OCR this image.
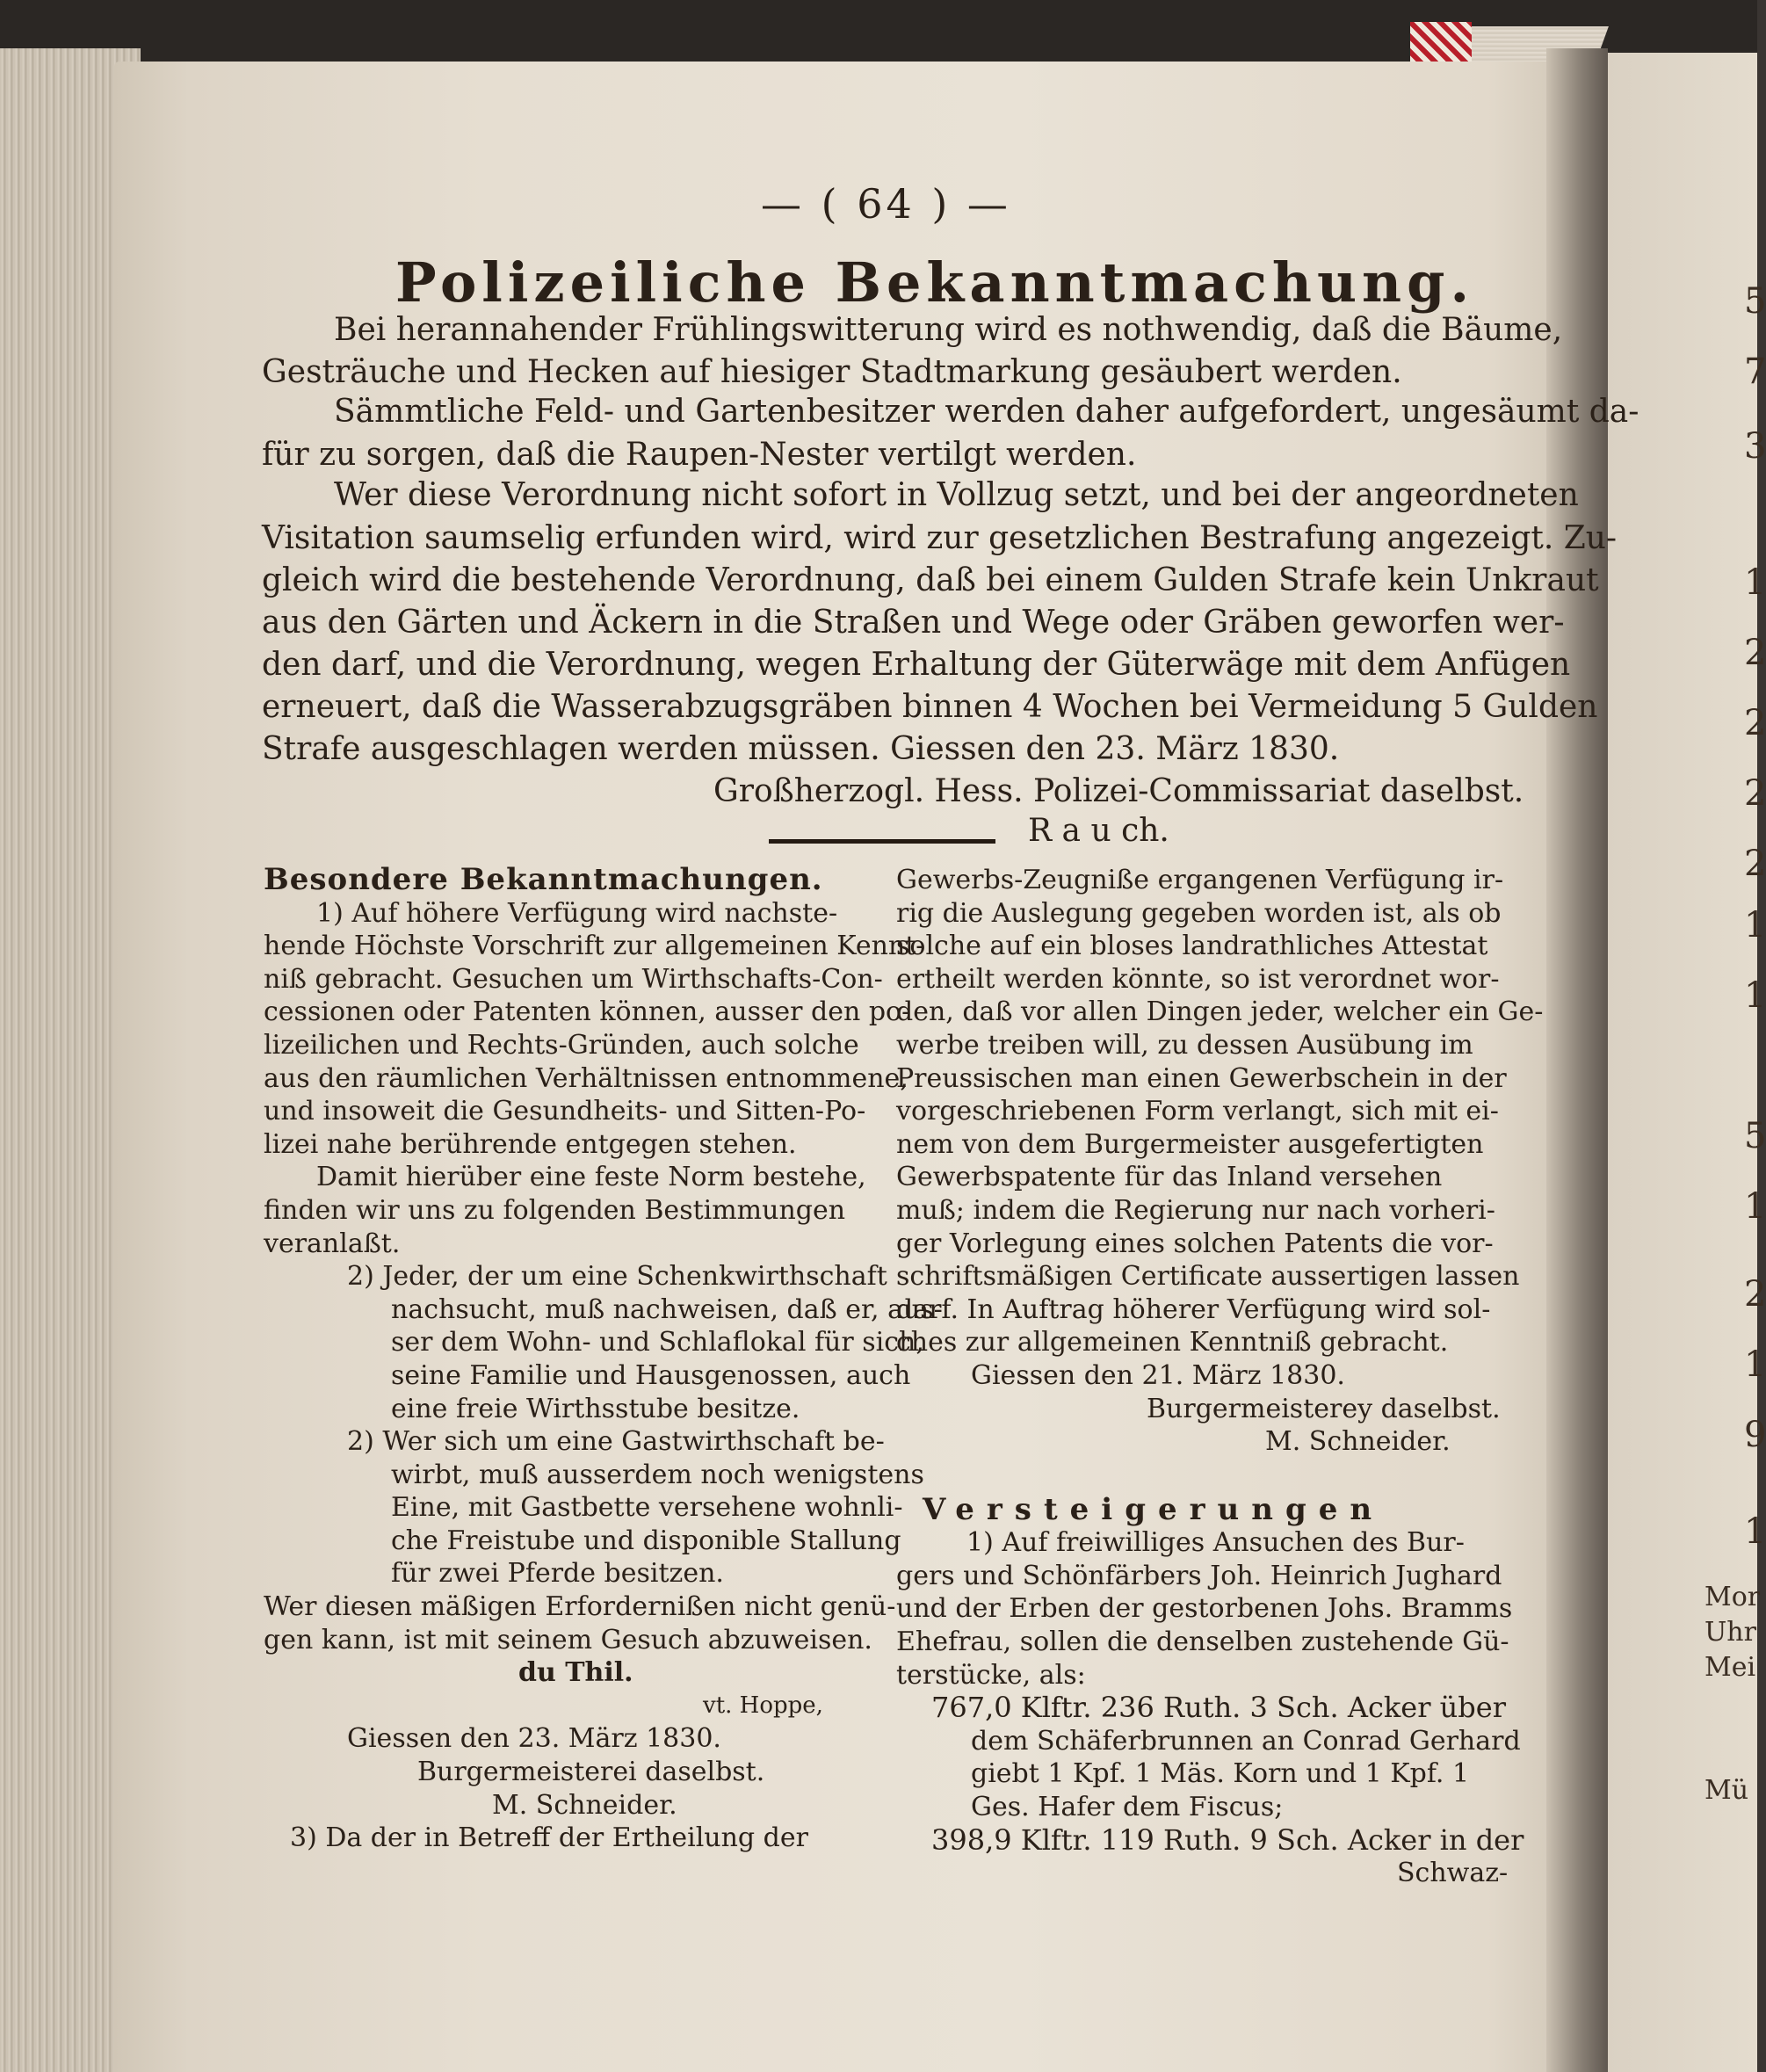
5
7
3
1
2
2
2
2
1
1
5
1
2
1
9
1
Mor
Uhr
Mei
Mü
— ( 64 ) —
Polizeiliche Bekanntmachung.
Bei herannahender Frühlingswitterung wird es nothwendig, daß die Bäume,
Gesträuche und Hecken auf hiesiger Stadtmarkung gesäubert werden.
Sämmtliche Feld- und Gartenbesitzer werden daher aufgefordert, ungesäumt da-
für zu sorgen, daß die Raupen-Nester vertilgt werden.
Wer diese Verordnung nicht sofort in Vollzug setzt, und bei der angeordneten
Visitation saumselig erfunden wird, wird zur gesetzlichen Bestrafung angezeigt. Zu-
gleich wird die bestehende Verordnung, daß bei einem Gulden Strafe kein Unkraut
aus den Gärten und Äckern in die Straßen und Wege oder Gräben geworfen wer-
den darf, und die Verordnung, wegen Erhaltung der Güterwäge mit dem Anfügen
erneuert, daß die Wasserabzugsgräben binnen 4 Wochen bei Vermeidung 5 Gulden
Strafe ausgeschlagen werden müssen. Giessen den 23. März 1830.
Großherzogl. Hess. Polizei-Commissariat daselbst.
R a u ch.
Besondere Bekanntmachungen.
1) Auf höhere Verfügung wird nachste-
hende Höchste Vorschrift zur allgemeinen Kennt-
niß gebracht. Gesuchen um Wirthschafts-Con-
cessionen oder Patenten können, ausser den po-
lizeilichen und Rechts-Gründen, auch solche
aus den räumlichen Verhältnissen entnommene,
und insoweit die Gesundheits- und Sitten-Po-
lizei nahe berührende entgegen stehen.
Damit hierüber eine feste Norm bestehe,
finden wir uns zu folgenden Bestimmungen
veranlaßt.
2) Jeder, der um eine Schenkwirthschaft
nachsucht, muß nachweisen, daß er, aus-
ser dem Wohn- und Schlaflokal für sich,
seine Familie und Hausgenossen, auch
eine freie Wirthsstube besitze.
2) Wer sich um eine Gastwirthschaft be-
wirbt, muß ausserdem noch wenigstens
Eine, mit Gastbette versehene wohnli-
che Freistube und disponible Stallung
für zwei Pferde besitzen.
Wer diesen mäßigen Erfordernißen nicht genü-
gen kann, ist mit seinem Gesuch abzuweisen.
du Thil.
vt. Hoppe,
Giessen den 23. März 1830.
Burgermeisterei daselbst.
M. Schneider.
3) Da der in Betreff der Ertheilung der
Gewerbs-Zeugniße ergangenen Verfügung ir-
rig die Auslegung gegeben worden ist, als ob
solche auf ein bloses landrathliches Attestat
ertheilt werden könnte, so ist verordnet wor-
den, daß vor allen Dingen jeder, welcher ein Ge-
werbe treiben will, zu dessen Ausübung im
Preussischen man einen Gewerbschein in der
vorgeschriebenen Form verlangt, sich mit ei-
nem von dem Burgermeister ausgefertigten
Gewerbspatente für das Inland versehen
muß; indem die Regierung nur nach vorheri-
ger Vorlegung eines solchen Patents die vor-
schriftsmäßigen Certificate aussertigen lassen
darf. In Auftrag höherer Verfügung wird sol-
ches zur allgemeinen Kenntniß gebracht.
Giessen den 21. März 1830.
Burgermeisterey daselbst.
M. Schneider.
Versteigerungen
1) Auf freiwilliges Ansuchen des Bur-
gers und Schönfärbers Joh. Heinrich Jughard
und der Erben der gestorbenen Johs. Bramms
Ehefrau, sollen die denselben zustehende Gü-
terstücke, als:
767,0 Klftr. 236 Ruth. 3 Sch. Acker über
dem Schäferbrunnen an Conrad Gerhard
giebt 1 Kpf. 1 Mäs. Korn und 1 Kpf. 1
Ges. Hafer dem Fiscus;
398,9 Klftr. 119 Ruth. 9 Sch. Acker in der
Schwaz-
